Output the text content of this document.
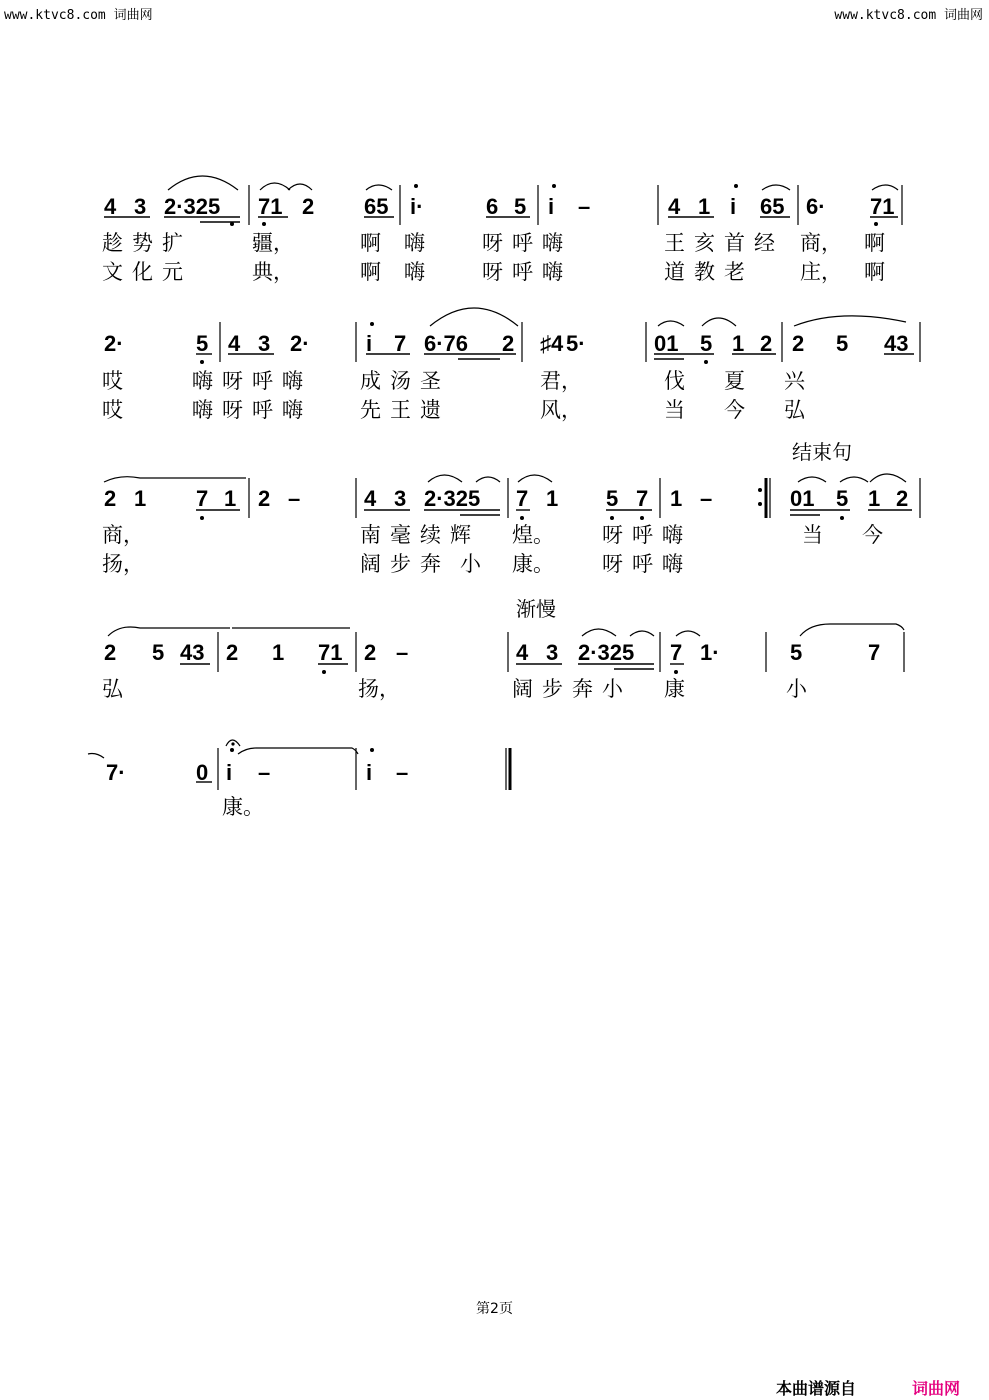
www.ktvc8.com 词曲网	www.ktvc8.com 词曲网
结束句
渐慢
4 3 2·325 71 2 65 i·	6 5 i –	4 1 i 65 6· 71
趁 势 扩	疆，	啊 嗨	呀 呼 嗨	王 亥 首 经 商， 啊
文 化 元	典，	啊 嗨	呀 呼 嗨	道 教 老	庄， 啊
2·	5 4 3 2·	i 7 6·76 2 ♯4 5·	01 5 1 2 2 5 43
哎	嗨 呀 呼 嗨	成 汤 圣	君，	伐 夏 兴
哎	嗨 呀 呼 嗨	先 王 遗	风，	当 今 弘
2 1 7 1 2 –	4 3 2·325 7 1 5 7 1 –	01 5 1 2
商，	南 毫 续 辉 煌。 呀 呼 嗨	当 今
扬，	阔 步 奔 小 康。 呀 呼 嗨
2 5 43 2 1 71 2 –	4 3 2·325 7 1·	5	7
弘	扬，	阔 步 奔 小 康	小
7·	0 i –	i –
康。
第2页
本曲谱源自	词曲网
